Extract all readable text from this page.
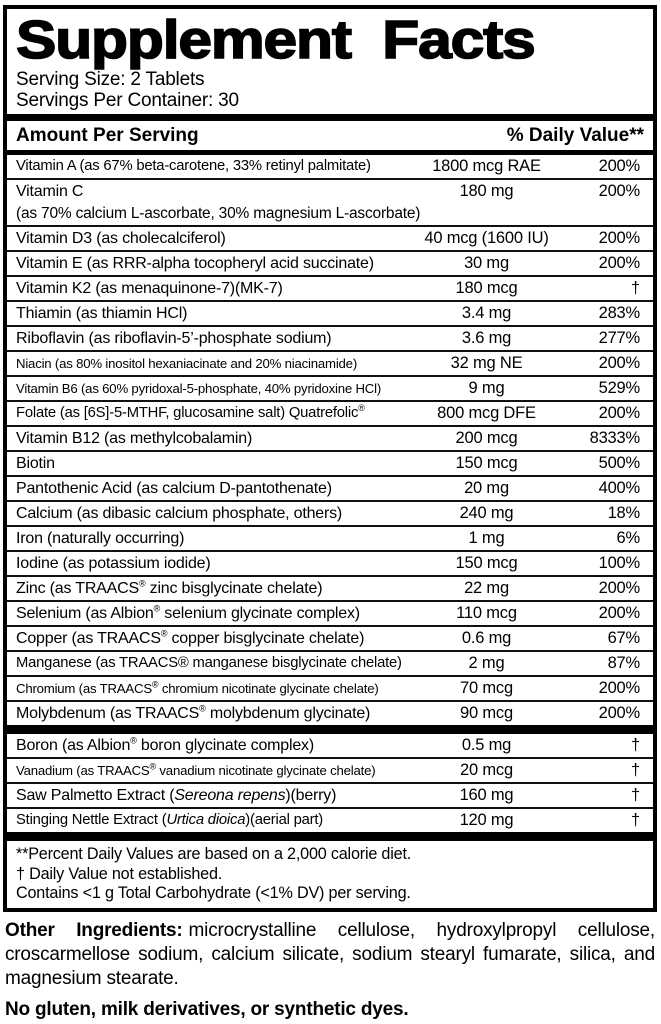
Supplement Facts
Serving Size: 2 Tablets
Servings Per Container: 30
Amount Per Serving	% Daily Value**
Vitamin A (as 67% beta-carotene, 33% retinyl palmitate)	1800 mcg RAE	200%
Vitamin C	180 mg	200%
(as 70% calcium L-ascorbate, 30% magnesium L-ascorbate)
Vitamin D3 (as cholecalciferol)	40 mcg (1600 IU)	200%
Vitamin E (as RRR-alpha tocopheryl acid succinate)	30 mg	200%
Vitamin K2 (as menaquinone-7)(MK-7)	180 mcg	†
Thiamin (as thiamin HCl)	3.4 mg	283%
Riboflavin (as riboflavin-5’-phosphate sodium)	3.6 mg	277%
Niacin (as 80% inositol hexaniacinate and 20% niacinamide)	32 mg NE	200%
Vitamin B6 (as 60% pyridoxal-5-phosphate, 40% pyridoxine HCl)	9 mg	529%
Folate (as [6S]-5-MTHF, glucosamine salt) Quatrefolic®	800 mcg DFE	200%
Vitamin B12 (as methylcobalamin)	200 mcg	8333%
Biotin	150 mcg	500%
Pantothenic Acid (as calcium D-pantothenate)	20 mg	400%
Calcium (as dibasic calcium phosphate, others)	240 mg	18%
Iron (naturally occurring)	1 mg	6%
Iodine (as potassium iodide)	150 mcg	100%
Zinc (as TRAACS® zinc bisglycinate chelate)	22 mg	200%
Selenium (as Albion® selenium glycinate complex)	110 mcg	200%
Copper (as TRAACS® copper bisglycinate chelate)	0.6 mg	67%
Manganese (as TRAACS® manganese bisglycinate chelate)	2 mg	87%
Chromium (as TRAACS® chromium nicotinate glycinate chelate)	70 mcg	200%
Molybdenum (as TRAACS® molybdenum glycinate)	90 mcg	200%
Boron (as Albion® boron glycinate complex)	0.5 mg	†
Vanadium (as TRAACS® vanadium nicotinate glycinate chelate)	20 mcg	†
Saw Palmetto Extract (Sereona repens)(berry)	160 mg	†
Stinging Nettle Extract (Urtica dioica)(aerial part)	120 mg	†
**Percent Daily Values are based on a 2,000 calorie diet.
† Daily Value not established.
Contains <1 g Total Carbohydrate (<1% DV) per serving.
Other Ingredients: microcrystalline cellulose, hydroxylpropyl cellulose, croscarmellose sodium, calcium silicate, sodium stearyl fumarate, silica, and magnesium stearate.
No gluten, milk derivatives, or synthetic dyes.
